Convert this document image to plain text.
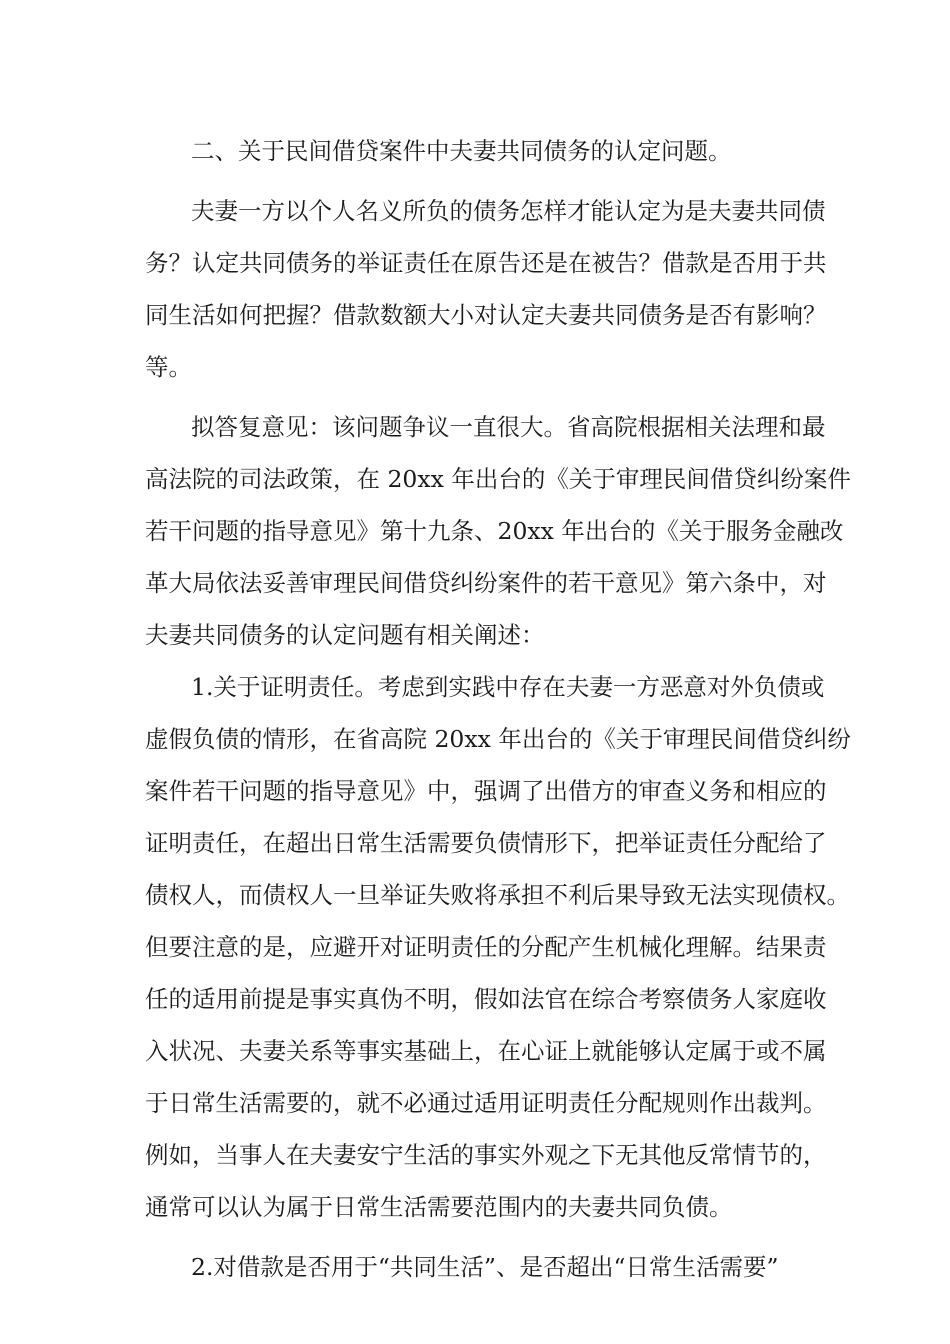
二、关于民间借贷案件中夫妻共同债务的认定问题。

夫妻一方以个人名义所负的债务怎样才能认定为是夫妻共同债
务？认定共同债务的举证责任在原告还是在被告？借款是否用于共
同生活如何把握？借款数额大小对认定夫妻共同债务是否有影响？
等。

拟答复意见：该问题争议一直很大。省高院根据相关法理和最
高法院的司法政策，在 20xx 年出台的《关于审理民间借贷纠纷案件
若干问题的指导意见》第十九条、20xx 年出台的《关于服务金融改
革大局依法妥善审理民间借贷纠纷案件的若干意见》第六条中，对
夫妻共同债务的认定问题有相关阐述：

1.关于证明责任。考虑到实践中存在夫妻一方恶意对外负债或
虚假负债的情形，在省高院 20xx 年出台的《关于审理民间借贷纠纷
案件若干问题的指导意见》中，强调了出借方的审查义务和相应的
证明责任，在超出日常生活需要负债情形下，把举证责任分配给了
债权人，而债权人一旦举证失败将承担不利后果导致无法实现债权。
但要注意的是，应避开对证明责任的分配产生机械化理解。结果责
任的适用前提是事实真伪不明，假如法官在综合考察债务人家庭收
入状况、夫妻关系等事实基础上，在心证上就能够认定属于或不属
于日常生活需要的，就不必通过适用证明责任分配规则作出裁判。
例如，当事人在夫妻安宁生活的事实外观之下无其他反常情节的，
通常可以认为属于日常生活需要范围内的夫妻共同负债。

2.对借款是否用于“共同生活”、是否超出“日常生活需要”
